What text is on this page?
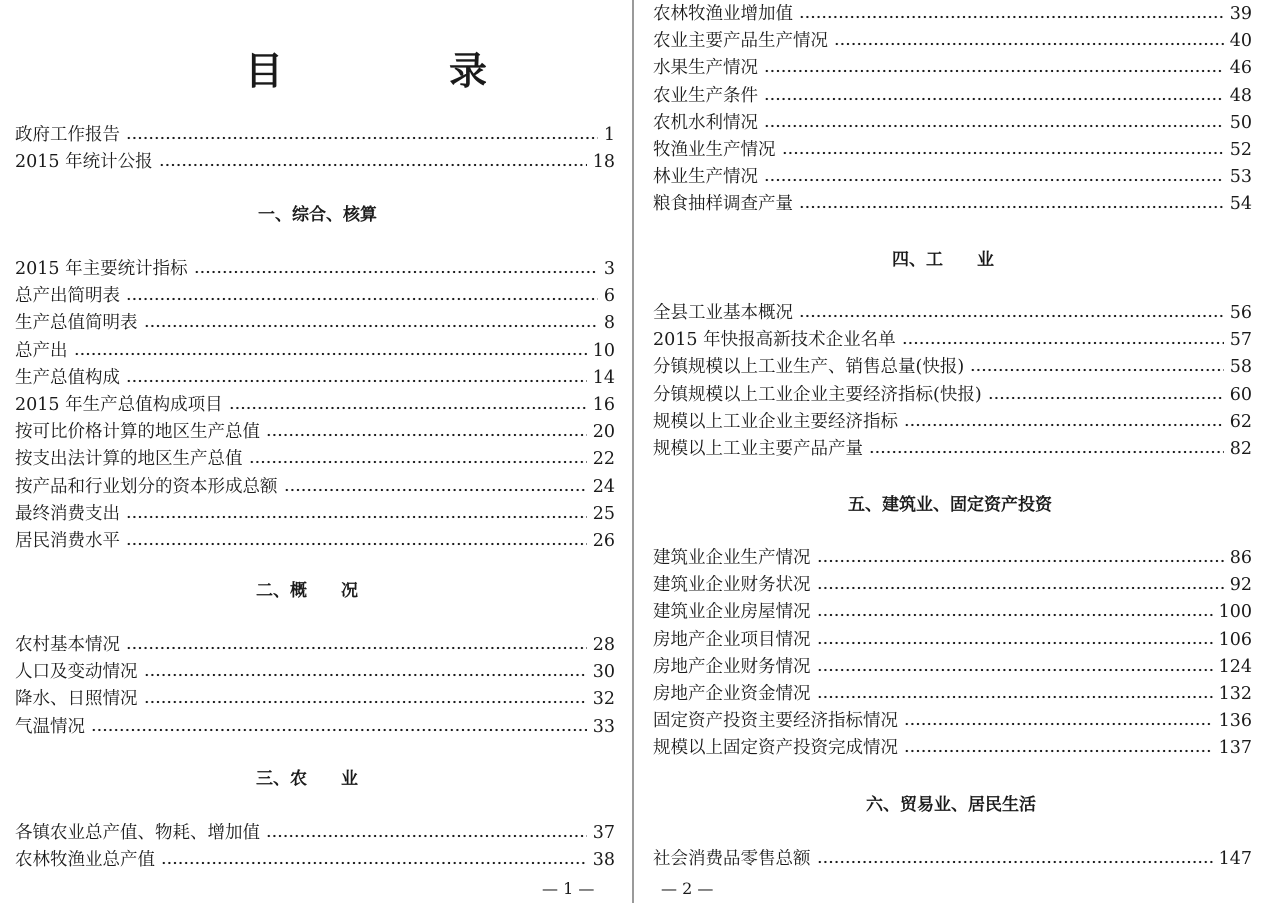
目　录
政府工作报告	1
2015 年统计公报	18
一、综合、核算
2015 年主要统计指标	3
总产出简明表	6
生产总值简明表	8
总产出	10
生产总值构成	14
2015 年生产总值构成项目	16
按可比价格计算的地区生产总值	20
按支出法计算的地区生产总值	22
按产品和行业划分的资本形成总额	24
最终消费支出	25
居民消费水平	26
二、概　　况
农村基本情况	28
人口及变动情况	30
降水、日照情况	32
气温情况	33
三、农　　业
各镇农业总产值、物耗、增加值	37
农林牧渔业总产值	38
— 1 —
农林牧渔业增加值	39
农业主要产品生产情况	40
水果生产情况	46
农业生产条件	48
农机水利情况	50
牧渔业生产情况	52
林业生产情况	53
粮食抽样调查产量	54
四、工　　业
全县工业基本概况	56
2015 年快报高新技术企业名单	57
分镇规模以上工业生产、销售总量(快报)	58
分镇规模以上工业企业主要经济指标(快报)	60
规模以上工业企业主要经济指标	62
规模以上工业主要产品产量	82
五、建筑业、固定资产投资
建筑业企业生产情况	86
建筑业企业财务状况	92
建筑业企业房屋情况	100
房地产企业项目情况	106
房地产企业财务情况	124
房地产企业资金情况	132
固定资产投资主要经济指标情况	136
规模以上固定资产投资完成情况	137
六、贸易业、居民生活
社会消费品零售总额	147
— 2 —
